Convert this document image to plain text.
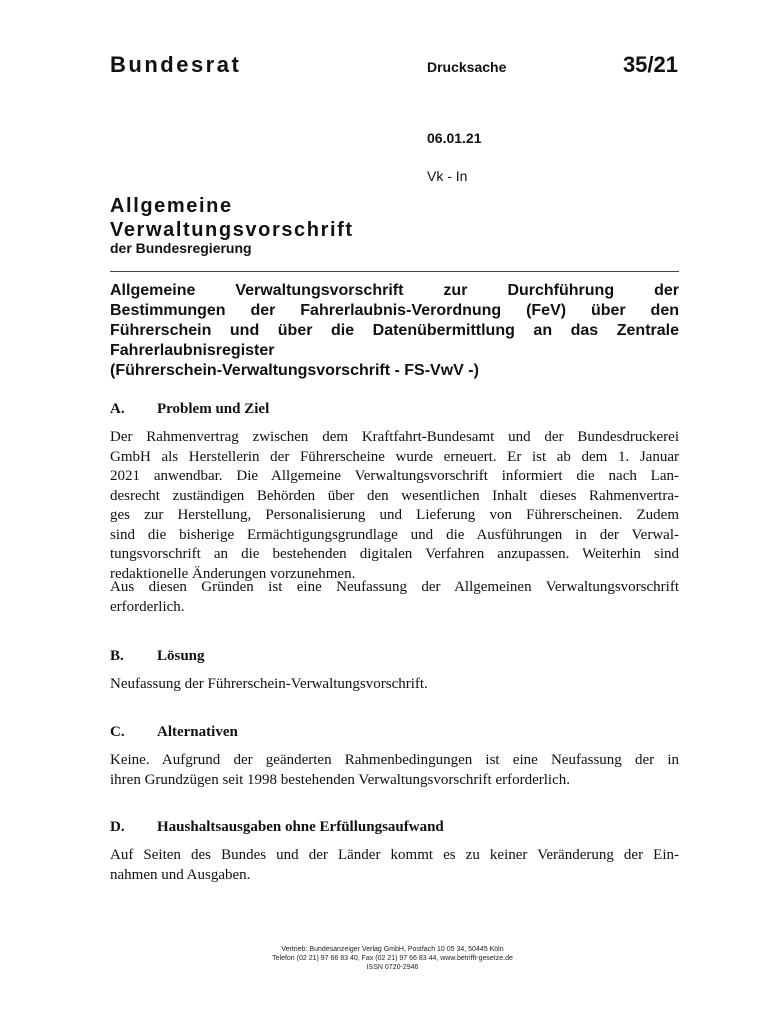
Bundesrat	Drucksache	35/21
06.01.21
Vk - In
Allgemeine
Verwaltungsvorschrift
der Bundesregierung
Allgemeine Verwaltungsvorschrift zur Durchführung der
Bestimmungen der Fahrerlaubnis-Verordnung (FeV) über den
Führerschein und über die Datenübermittlung an das Zentrale
Fahrerlaubnisregister
(Führerschein-Verwaltungsvorschrift - FS-VwV -)
A. Problem und Ziel
Der Rahmenvertrag zwischen dem Kraftfahrt-Bundesamt und der Bundesdruckerei
GmbH als Herstellerin der Führerscheine wurde erneuert. Er ist ab dem 1. Januar
2021 anwendbar. Die Allgemeine Verwaltungsvorschrift informiert die nach Lan-
desrecht zuständigen Behörden über den wesentlichen Inhalt dieses Rahmenvertra-
ges zur Herstellung, Personalisierung und Lieferung von Führerscheinen. Zudem
sind die bisherige Ermächtigungsgrundlage und die Ausführungen in der Verwal-
tungsvorschrift an die bestehenden digitalen Verfahren anzupassen. Weiterhin sind
redaktionelle Änderungen vorzunehmen.
Aus diesen Gründen ist eine Neufassung der Allgemeinen Verwaltungsvorschrift
erforderlich.
B. Lösung
Neufassung der Führerschein-Verwaltungsvorschrift.
C. Alternativen
Keine. Aufgrund der geänderten Rahmenbedingungen ist eine Neufassung der in
ihren Grundzügen seit 1998 bestehenden Verwaltungsvorschrift erforderlich.
D. Haushaltsausgaben ohne Erfüllungsaufwand
Auf Seiten des Bundes und der Länder kommt es zu keiner Veränderung der Ein-
nahmen und Ausgaben.
Vertrieb: Bundesanzeiger Verlag GmbH, Postfach 10 05 34, 50445 Köln
Telefon (02 21) 97 66 83 40, Fax (02 21) 97 66 83 44, www.betrifft-gesetze.de
ISSN 0720-2946
